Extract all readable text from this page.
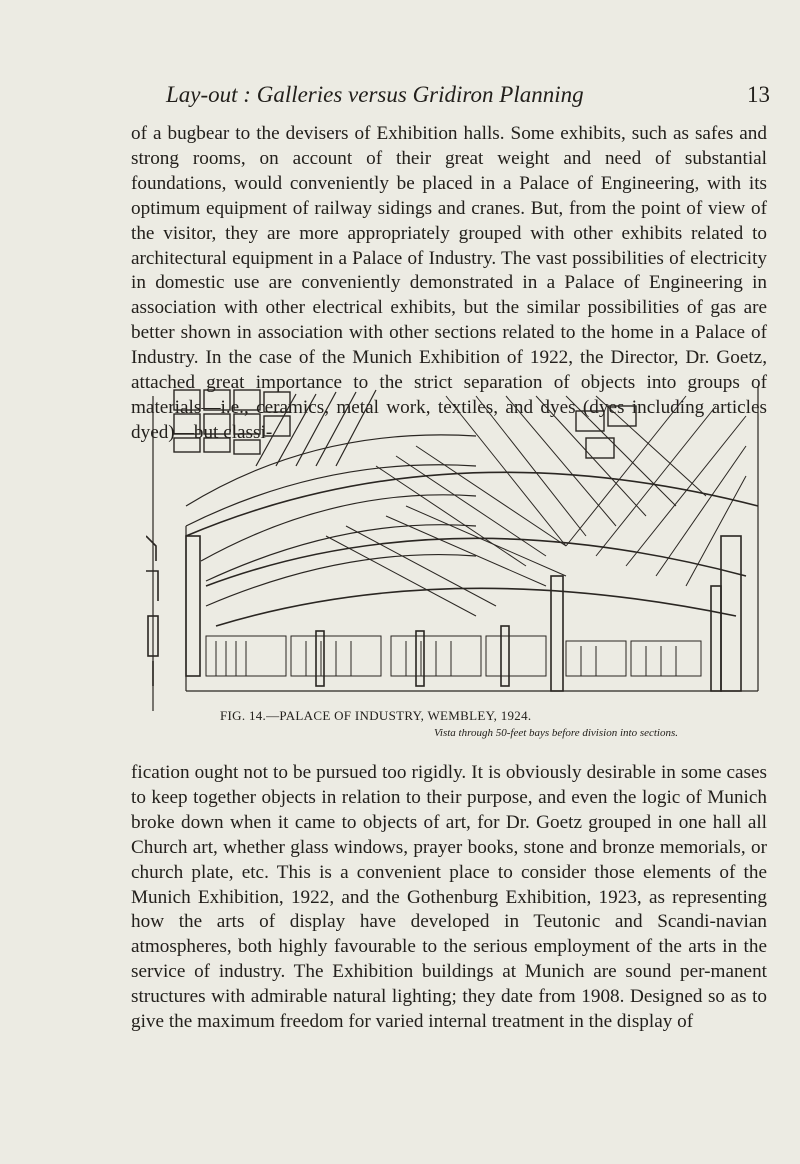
Lay-out : Galleries versus Gridiron Planning	13

of a bugbear to the devisers of Exhibition halls. Some exhibits, such as safes and strong rooms, on account of their great weight and need of substantial foundations, would conveniently be placed in a Palace of Engineering, with its optimum equipment of railway sidings and cranes. But, from the point of view of the visitor, they are more appropriately grouped with other exhibits related to architectural equipment in a Palace of Industry. The vast possibilities of electricity in domestic use are conveniently demonstrated in a Palace of Engineering in association with other electrical exhibits, but the similar possibilities of gas are better shown in association with other sections related to the home in a Palace of Industry. In the case of the Munich Exhibition of 1922, the Director, Dr. Goetz, attached great importance to the strict separation of objects into groups of materials—i.e., ceramics, metal work, textiles, and dyes (dyes including articles dyed)—but classi-

FIG. 14.—PALACE OF INDUSTRY, WEMBLEY, 1924.
Vista through 50-feet bays before division into sections.

fication ought not to be pursued too rigidly. It is obviously desirable in some cases to keep together objects in relation to their purpose, and even the logic of Munich broke down when it came to objects of art, for Dr. Goetz grouped in one hall all Church art, whether glass windows, prayer books, stone and bronze memorials, or church plate, etc. This is a convenient place to consider those elements of the Munich Exhibition, 1922, and the Gothenburg Exhibition, 1923, as representing how the arts of display have developed in Teutonic and Scandi-navian atmospheres, both highly favourable to the serious employment of the arts in the service of industry. The Exhibition buildings at Munich are sound per-manent structures with admirable natural lighting; they date from 1908. Designed so as to give the maximum freedom for varied internal treatment in the display of
